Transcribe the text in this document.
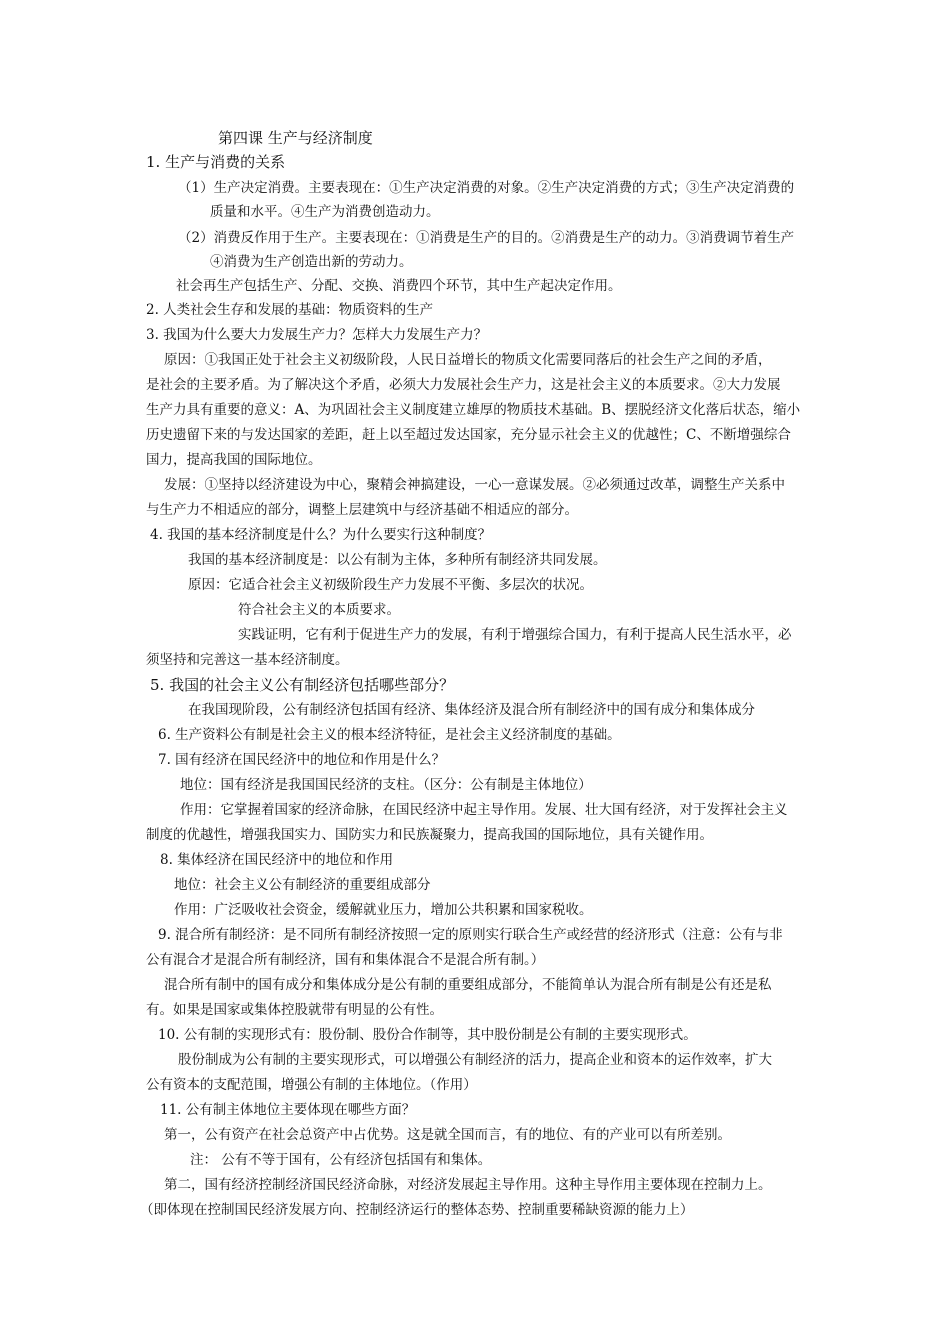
第四课 生产与经济制度
1. 生产与消费的关系
（1）生产决定消费。主要表现在：①生产决定消费的对象。②生产决定消费的方式；③生产决定消费的
质量和水平。④生产为消费创造动力。
（2）消费反作用于生产。主要表现在：①消费是生产的目的。②消费是生产的动力。③消费调节着生产
④消费为生产创造出新的劳动力。
社会再生产包括生产、分配、交换、消费四个环节，其中生产起决定作用。
2. 人类社会生存和发展的基础：物质资料的生产
3. 我国为什么要大力发展生产力？怎样大力发展生产力？
原因：①我国正处于社会主义初级阶段，人民日益增长的物质文化需要同落后的社会生产之间的矛盾，
是社会的主要矛盾。为了解决这个矛盾，必须大力发展社会生产力，这是社会主义的本质要求。②大力发展
生产力具有重要的意义：A、为巩固社会主义制度建立雄厚的物质技术基础。B、摆脱经济文化落后状态，缩小
历史遗留下来的与发达国家的差距，赶上以至超过发达国家，充分显示社会主义的优越性；C、不断增强综合
国力，提高我国的国际地位。
发展：①坚持以经济建设为中心，聚精会神搞建设，一心一意谋发展。②必须通过改革，调整生产关系中
与生产力不相适应的部分，调整上层建筑中与经济基础不相适应的部分。
4. 我国的基本经济制度是什么？为什么要实行这种制度？
我国的基本经济制度是：以公有制为主体，多种所有制经济共同发展。
原因：它适合社会主义初级阶段生产力发展不平衡、多层次的状况。
符合社会主义的本质要求。
实践证明，它有利于促进生产力的发展，有利于增强综合国力，有利于提高人民生活水平，必
须坚持和完善这一基本经济制度。
5. 我国的社会主义公有制经济包括哪些部分？
在我国现阶段，公有制经济包括国有经济、集体经济及混合所有制经济中的国有成分和集体成分
6. 生产资料公有制是社会主义的根本经济特征，是社会主义经济制度的基础。
7. 国有经济在国民经济中的地位和作用是什么？
地位：国有经济是我国国民经济的支柱。（区分：公有制是主体地位）
作用：它掌握着国家的经济命脉，在国民经济中起主导作用。发展、壮大国有经济，对于发挥社会主义
制度的优越性，增强我国实力、国防实力和民族凝聚力，提高我国的国际地位，具有关键作用。
8. 集体经济在国民经济中的地位和作用
地位：社会主义公有制经济的重要组成部分
作用：广泛吸收社会资金，缓解就业压力，增加公共积累和国家税收。
9. 混合所有制经济：是不同所有制经济按照一定的原则实行联合生产或经营的经济形式（注意：公有与非
公有混合才是混合所有制经济，国有和集体混合不是混合所有制。）
混合所有制中的国有成分和集体成分是公有制的重要组成部分，不能简单认为混合所有制是公有还是私
有。如果是国家或集体控股就带有明显的公有性。
10. 公有制的实现形式有：股份制、股份合作制等，其中股份制是公有制的主要实现形式。
股份制成为公有制的主要实现形式，可以增强公有制经济的活力，提高企业和资本的运作效率，扩大
公有资本的支配范围，增强公有制的主体地位。（作用）
11. 公有制主体地位主要体现在哪些方面？
第一，公有资产在社会总资产中占优势。这是就全国而言，有的地位、有的产业可以有所差别。
注： 公有不等于国有，公有经济包括国有和集体。
第二，国有经济控制经济国民经济命脉，对经济发展起主导作用。这种主导作用主要体现在控制力上。
（即体现在控制国民经济发展方向、控制经济运行的整体态势、控制重要稀缺资源的能力上）
